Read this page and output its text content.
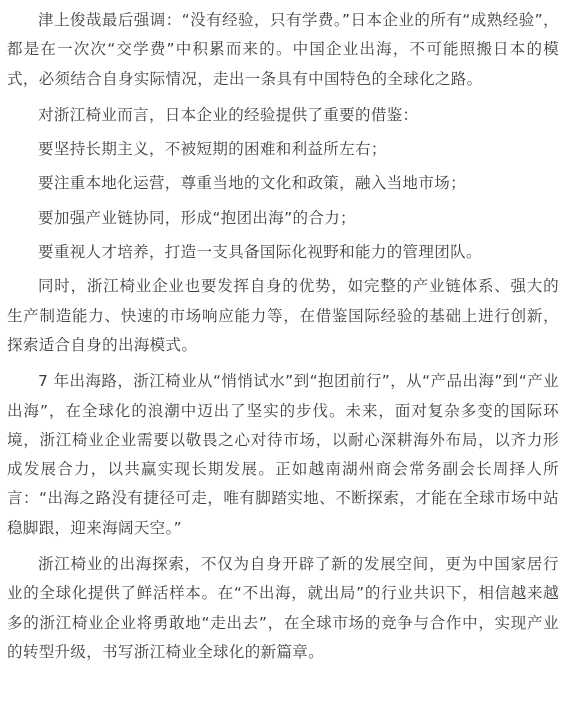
津上俊哉最后强调：“没有经验，只有学费。”日本企业的所有“成熟经验”，都是在一次次“交学费”中积累而来的。中国企业出海，不可能照搬日本的模式，必须结合自身实际情况，走出一条具有中国特色的全球化之路。

对浙江椅业而言，日本企业的经验提供了重要的借鉴：

要坚持长期主义，不被短期的困难和利益所左右；

要注重本地化运营，尊重当地的文化和政策，融入当地市场；

要加强产业链协同，形成“抱团出海”的合力；

要重视人才培养，打造一支具备国际化视野和能力的管理团队。

同时，浙江椅业企业也要发挥自身的优势，如完整的产业链体系、强大的生产制造能力、快速的市场响应能力等，在借鉴国际经验的基础上进行创新，探索适合自身的出海模式。

7 年出海路，浙江椅业从“悄悄试水”到“抱团前行”，从“产品出海”到“产业出海”，在全球化的浪潮中迈出了坚实的步伐。未来，面对复杂多变的国际环境，浙江椅业企业需要以敬畏之心对待市场，以耐心深耕海外布局，以齐力形成发展合力，以共赢实现长期发展。正如越南湖州商会常务副会长周择人所言：“出海之路没有捷径可走，唯有脚踏实地、不断探索，才能在全球市场中站稳脚跟，迎来海阔天空。”

浙江椅业的出海探索，不仅为自身开辟了新的发展空间，更为中国家居行业的全球化提供了鲜活样本。在“不出海，就出局”的行业共识下，相信越来越多的浙江椅业企业将勇敢地“走出去”，在全球市场的竞争与合作中，实现产业的转型升级，书写浙江椅业全球化的新篇章。
